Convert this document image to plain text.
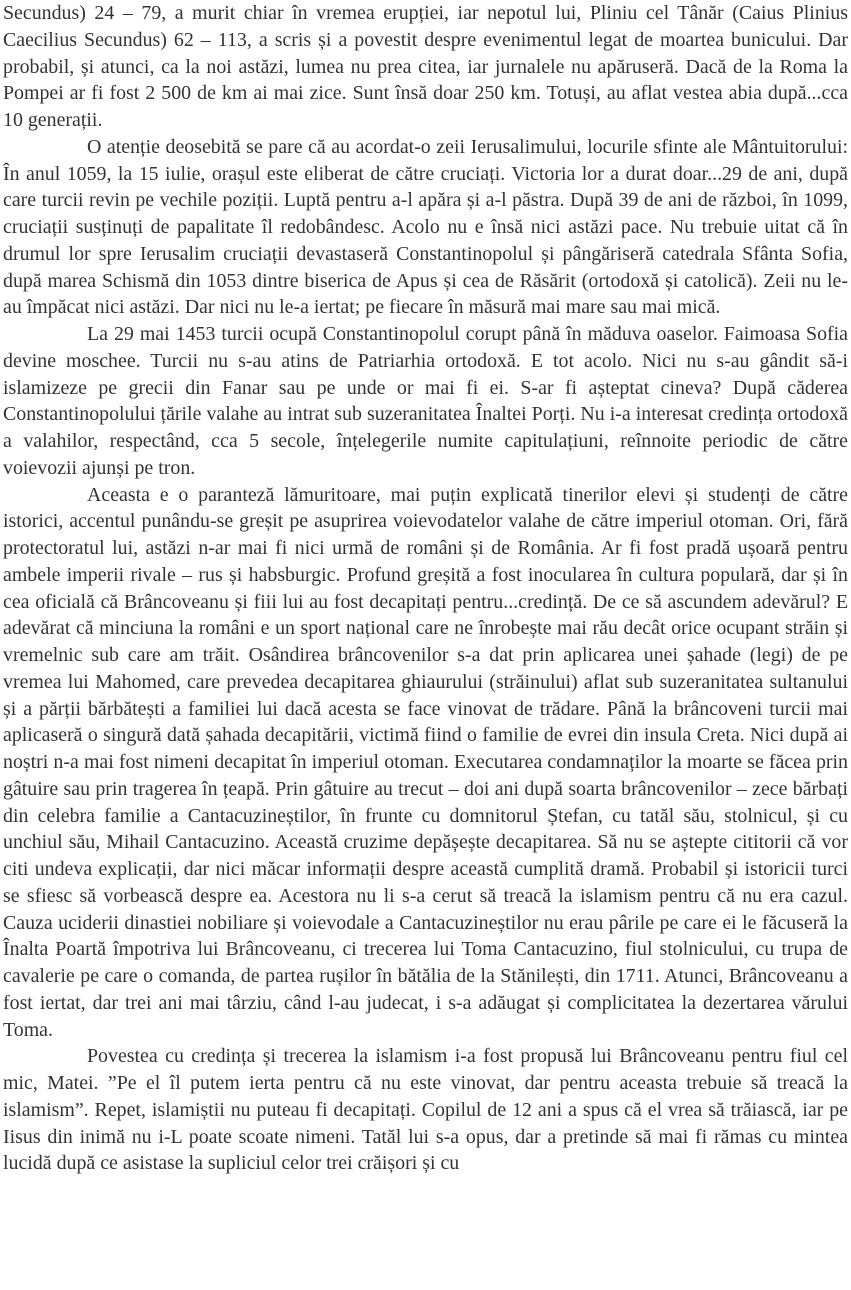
Secundus) 24 – 79, a murit chiar în vremea erupției, iar nepotul lui, Pliniu cel Tânăr (Caius Plinius Caecilius Secundus) 62 – 113, a scris și a povestit despre evenimentul legat de moartea bunicului. Dar probabil, și atunci, ca la noi astăzi, lumea nu prea citea, iar jurnalele nu apăruseră. Dacă de la Roma la Pompei ar fi fost 2 500 de km ai mai zice. Sunt însă doar 250 km. Totuși, au aflat vestea abia după...cca 10 generații.

O atenție deosebită se pare că au acordat-o zeii Ierusalimului, locurile sfinte ale Mântuitorului: În anul 1059, la 15 iulie, orașul este eliberat de către cruciați. Victoria lor a durat doar...29 de ani, după care turcii revin pe vechile poziții. Luptă pentru a-l apăra și a-l păstra. După 39 de ani de război, în 1099, cruciații susținuți de papalitate îl redobândesc. Acolo nu e însă nici astăzi pace. Nu trebuie uitat că în drumul lor spre Ierusalim cruciații devastaseră Constantinopolul și pângăriseră catedrala Sfânta Sofia, după marea Schismă din 1053 dintre biserica de Apus și cea de Răsărit (ortodoxă și catolică). Zeii nu le-au împăcat nici astăzi. Dar nici nu le-a iertat; pe fiecare în măsură mai mare sau mai mică.

La 29 mai 1453 turcii ocupă Constantinopolul corupt până în măduva oaselor. Faimoasa Sofia devine moschee. Turcii nu s-au atins de Patriarhia ortodoxă. E tot acolo. Nici nu s-au gândit să-i islamizeze pe grecii din Fanar sau pe unde or mai fi ei. S-ar fi așteptat cineva? După căderea Constantinopolului țările valahe au intrat sub suzeranitatea Înaltei Porți. Nu i-a interesat credința ortodoxă a valahilor, respectând, cca 5 secole, înțelegerile numite capitulațiuni, reînnoite periodic de către voievozii ajunși pe tron.

Aceasta e o paranteză lămuritoare, mai puțin explicată tinerilor elevi și studenți de către istorici, accentul punându-se greșit pe asuprirea voievodatelor valahe de către imperiul otoman. Ori, fără protectoratul lui, astăzi n-ar mai fi nici urmă de români și de România. Ar fi fost pradă ușoară pentru ambele imperii rivale – rus și habsburgic. Profund greșită a fost inocularea în cultura populară, dar și în cea oficială că Brâncoveanu și fiii lui au fost decapitați pentru...credință. De ce să ascundem adevărul? E adevărat că minciuna la români e un sport național care ne înrobește mai rău decât orice ocupant străin și vremelnic sub care am trăit. Osândirea brâncovenilor s-a dat prin aplicarea unei șahade (legi) de pe vremea lui Mahomed, care prevedea decapitarea ghiaurului (străinului) aflat sub suzeranitatea sultanului și a părții bărbătești a familiei lui dacă acesta se face vinovat de trădare. Până la brâncoveni turcii mai aplicaseră o singură dată șahada decapitării, victimă fiind o familie de evrei din insula Creta. Nici după ai noștri n-a mai fost nimeni decapitat în imperiul otoman. Executarea condamnaților la moarte se făcea prin gâtuire sau prin tragerea în țeapă. Prin gâtuire au trecut – doi ani după soarta brâncovenilor – zece bărbați din celebra familie a Cantacuzineștilor, în frunte cu domnitorul Ștefan, cu tatăl său, stolnicul, și cu unchiul său, Mihail Cantacuzino. Această cruzime depășește decapitarea. Să nu se aștepte cititorii că vor citi undeva explicații, dar nici măcar informații despre această cumplită dramă. Probabil și istoricii turci se sfiesc să vorbească despre ea. Acestora nu li s-a cerut să treacă la islamism pentru că nu era cazul. Cauza uciderii dinastiei nobiliare și voievodale a Cantacuzineștilor nu erau pârile pe care ei le făcuseră la Înalta Poartă împotriva lui Brâncoveanu, ci trecerea lui Toma Cantacuzino, fiul stolnicului, cu trupa de cavalerie pe care o comanda, de partea rușilor în bătălia de la Stănilești, din 1711. Atunci, Brâncoveanu a fost iertat, dar trei ani mai târziu, când l-au judecat, i s-a adăugat și complicitatea la dezertarea vărului Toma.

Povestea cu credința și trecerea la islamism i-a fost propusă lui Brâncoveanu pentru fiul cel mic, Matei. ”Pe el îl putem ierta pentru că nu este vinovat, dar pentru aceasta trebuie să treacă la islamism”. Repet, islamiștii nu puteau fi decapitați. Copilul de 12 ani a spus că el vrea să trăiască, iar pe Iisus din inimă nu i-L poate scoate nimeni. Tatăl lui s-a opus, dar a pretinde să mai fi rămas cu mintea lucidă după ce asistase la supliciul celor trei crăișori și cu
